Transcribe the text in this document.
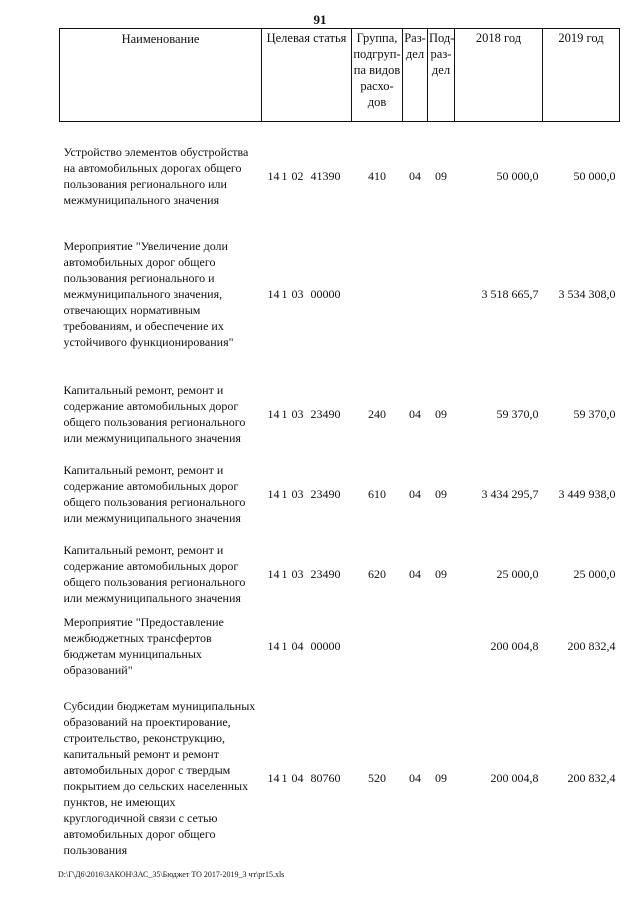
91
Наименование	Целевая статья	Группа, подгруп-па видов расхо-дов	Раз-дел	Под-раз-дел	2018 год	2019 год

Устройство элементов обустройства на автомобильных дорогах общего пользования регионального или межмуниципального значения	14 1 02 41390	410	04	09	50 000,0	50 000,0

Мероприятие "Увеличение доли автомобильных дорог общего пользования регионального и межмуниципального значения, отвечающих нормативным требованиям, и обеспечение их устойчивого функционирования"	14 1 03 00000				3 518 665,7	3 534 308,0

Капитальный ремонт, ремонт и содержание автомобильных дорог общего пользования регионального или межмуниципального значения	14 1 03 23490	240	04	09	59 370,0	59 370,0
Капитальный ремонт, ремонт и содержание автомобильных дорог общего пользования регионального или межмуниципального значения	14 1 03 23490	610	04	09	3 434 295,7	3 449 938,0
Капитальный ремонт, ремонт и содержание автомобильных дорог общего пользования регионального или межмуниципального значения	14 1 03 23490	620	04	09	25 000,0	25 000,0
Мероприятие "Предоставление межбюджетных трансфертов бюджетам муниципальных образований"	14 1 04 00000				200 004,8	200 832,4

Субсидии бюджетам муниципальных образований на проектирование, строительство, реконструкцию, капитальный ремонт и ремонт автомобильных дорог с твердым покрытием до сельских населенных пунктов, не имеющих круглогодичной связи с сетью автомобильных дорог общего пользования	14 1 04 80760	520	04	09	200 004,8	200 832,4
D:\Г\Д6\2016\ЗАКОН\ЗАС_35\Бюджет ТО 2017-2019_3 чт\pr15.xls
